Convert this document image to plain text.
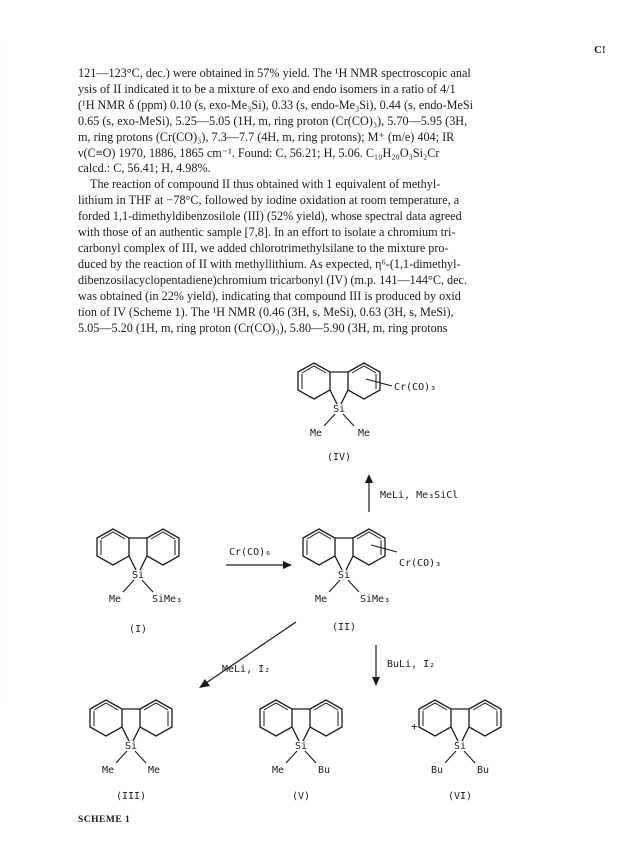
C!

121—123°C, dec.) were obtained in 57% yield. The ¹H NMR spectroscopic anal
ysis of II indicated it to be a mixture of exo and endo isomers in a ratio of 4/1
(¹H NMR δ (ppm) 0.10 (s, exo-Me₃Si), 0.33 (s, endo-Me₃Si), 0.44 (s, endo-MeSi
0.65 (s, exo-MeSi), 5.25—5.05 (1H, m, ring proton (Cr(CO)₃), 5.70—5.95 (3H,
m, ring protons (Cr(CO)₃), 7.3—7.7 (4H, m, ring protons); M⁺ (m/e) 404; IR
ν(C≡O) 1970, 1886, 1865 cm⁻¹. Found: C, 56.21; H, 5.06. C₁₉H₂₀O₃Si₂Cr
calcd.: C, 56.41; H, 4.98%.

The reaction of compound II thus obtained with 1 equivalent of methyl-
lithium in THF at −78°C, followed by iodine oxidation at room temperature, a
forded 1,1-dimethyldibenzosilole (III) (52% yield), whose spectral data agreed
with those of an authentic sample [7,8]. In an effort to isolate a chromium tri-
carbonyl complex of III, we added chlorotrimethylsilane to the mixture pro-
duced by the reaction of II with methyllithium. As expected, η⁶-(1,1-dimethyl-
dibenzosilacyclopentadiene)chromium tricarbonyl (IV) (m.p. 141—144°C, dec.
was obtained (in 22% yield), indicating that compound III is produced by oxid
tion of IV (Scheme 1). The ¹H NMR (0.46 (3H, s, MeSi), 0.63 (3H, s, MeSi),
5.05—5.20 (1H, m, ring proton (Cr(CO)₃), 5.80—5.90 (3H, m, ring protons

Si
Me	Me
Cr(CO)₃
(IV)
MeLi, Me₃SiCl
Si
Me	SiMe₃
(I)
Cr(CO)₆
Si
Me	SiMe₃
Cr(CO)₃
(II)
MeLi, I₂	BuLi, I₂
Si
Me	Me
(III)
Si
Me	Bu
(V)
+
Si
Bu	Bu
(VI)
SCHEME 1
